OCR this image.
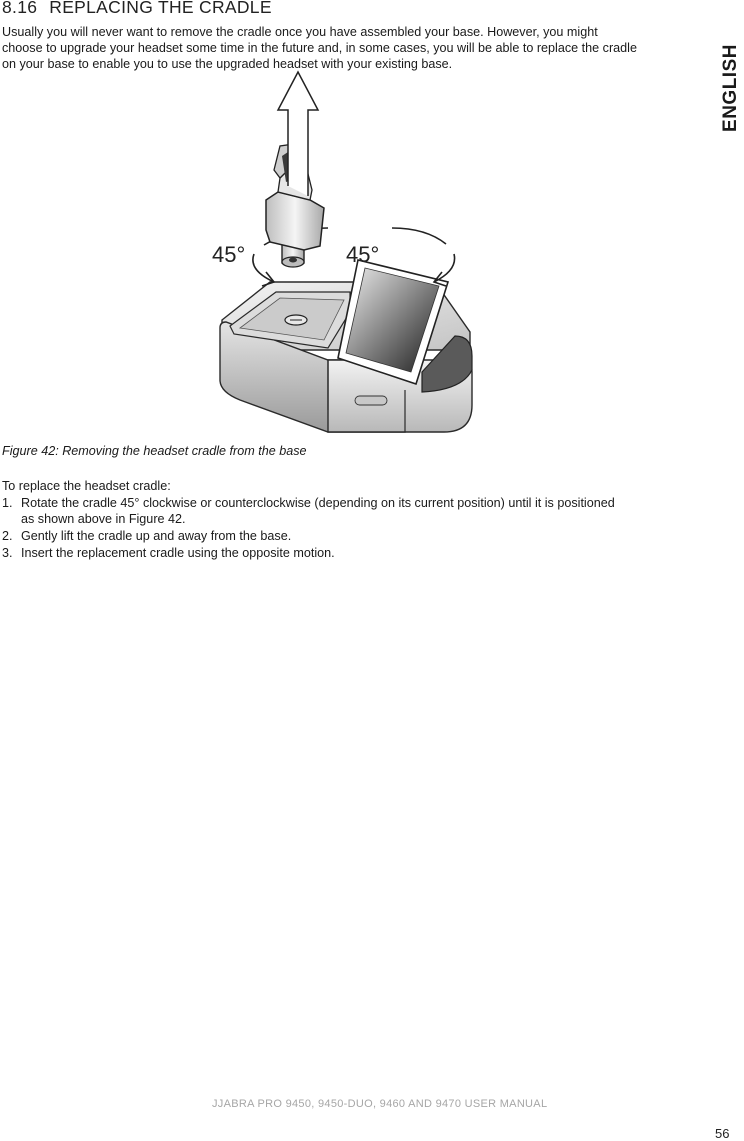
8.16 REPLACING THE CRADLE

Usually you will never want to remove the cradle once you have assembled your base. However, you might
choose to upgrade your headset some time in the future and, in some cases, you will be able to replace the cradle
on your base to enable you to use the upgraded headset with your existing base.	ENGLISH
45°	45°

Figure 42: Removing the headset cradle from the base

To replace the headset cradle:

1. Rotate the cradle 45° clockwise or counterclockwise (depending on its current position) until it is positioned
as shown above in Figure 42.
2. Gently lift the cradle up and away from the base.
3. Insert the replacement cradle using the opposite motion.
JJABRA PRO 9450, 9450-DUO, 9460 AND 9470 USER MANUAL
56
